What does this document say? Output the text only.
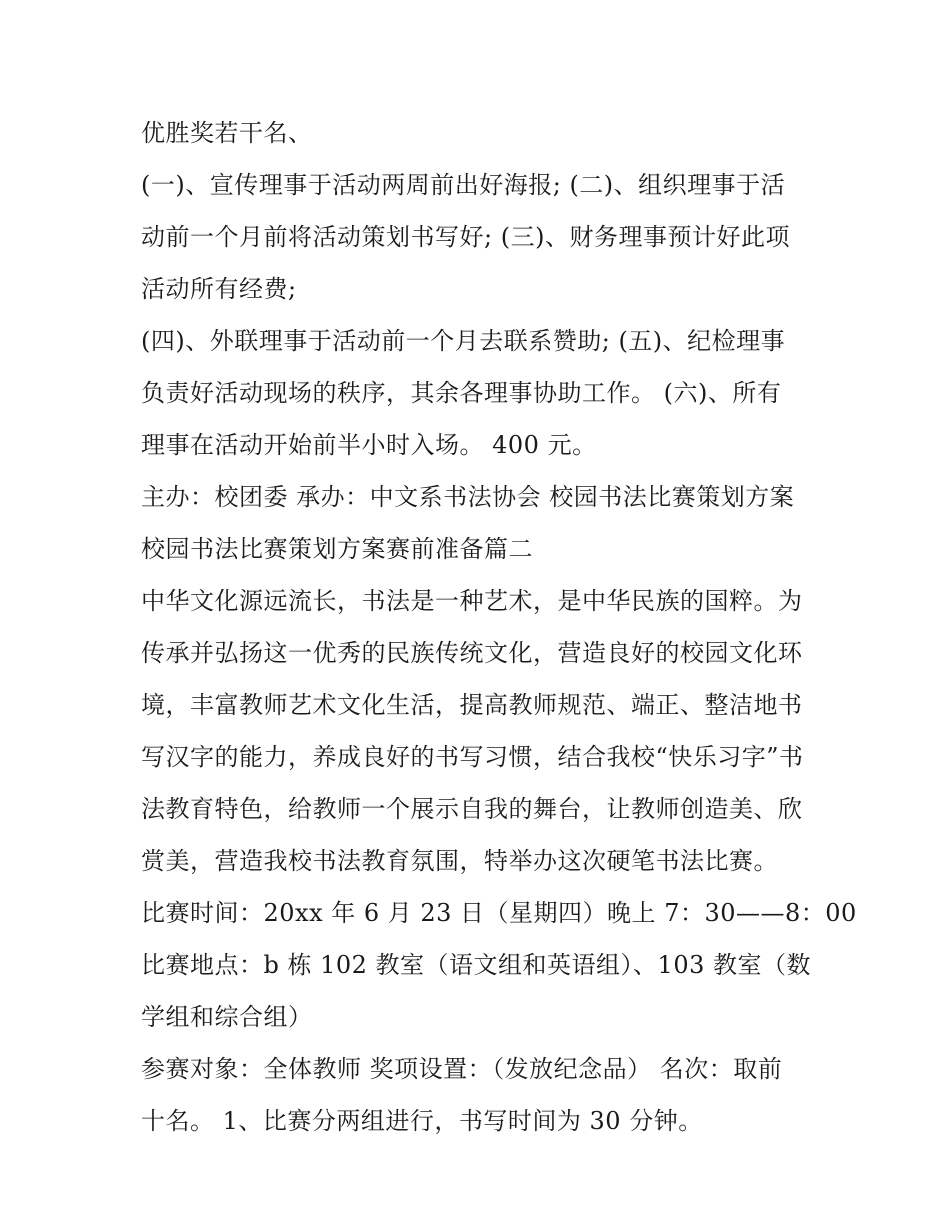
优胜奖若干名、
(一)、宣传理事于活动两周前出好海报; (二)、组织理事于活
动前一个月前将活动策划书写好; (三)、财务理事预计好此项
活动所有经费;
(四)、外联理事于活动前一个月去联系赞助; (五)、纪检理事
负责好活动现场的秩序，其余各理事协助工作。 (六)、所有
理事在活动开始前半小时入场。 400 元。
主办：校团委 承办：中文系书法协会 校园书法比赛策划方案
校园书法比赛策划方案赛前准备篇二
中华文化源远流长，书法是一种艺术，是中华民族的国粹。为
传承并弘扬这一优秀的民族传统文化，营造良好的校园文化环
境，丰富教师艺术文化生活，提高教师规范、端正、整洁地书
写汉字的能力，养成良好的书写习惯，结合我校“快乐习字”书
法教育特色，给教师一个展示自我的舞台，让教师创造美、欣
赏美，营造我校书法教育氛围，特举办这次硬笔书法比赛。
比赛时间：20xx 年 6 月 23 日（星期四）晚上 7：30——8：00
比赛地点：b 栋 102 教室（语文组和英语组）、103 教室（数
学组和综合组）
参赛对象：全体教师 奖项设置：（发放纪念品） 名次：取前
十名。 1、比赛分两组进行，书写时间为 30 分钟。
